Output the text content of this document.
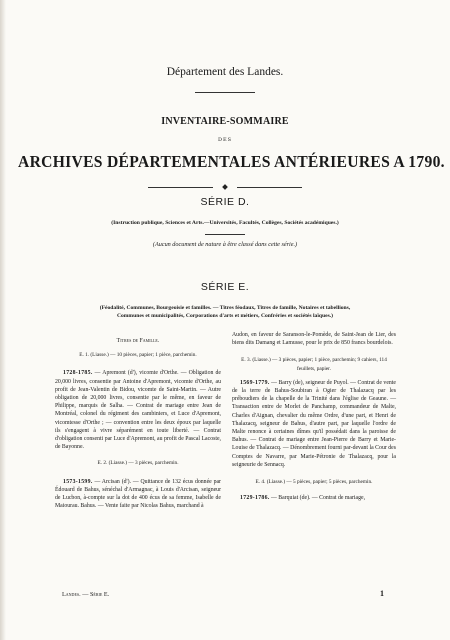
Département des Landes.
INVENTAIRE-SOMMAIRE
DES
ARCHIVES DÉPARTEMENTALES ANTÉRIEURES A 1790.
SÉRIE D.
(Instruction publique, Sciences et Arts.—Universités, Facultés, Collèges, Sociétés académiques.)
(Aucun document de nature à être classé dans cette série.)
SÉRIE E.
(Féodalité, Communes, Bourgeoisie et familles. — Titres féodaux, Titres de famille, Notaires et tabellions,
Communes et municipalités, Corporations d'arts et métiers, Confréries et sociétés laïques.)

Titres de Famille.

E. 1. (Liasse.) — 10 pièces, papier; 1 pièce, parchemin.

1728-1785. — Apremont (d'), vicomte d'Orthe. — Obligation de 20,000 livres, consentie par Antoine d'Apremont, vicomte d'Orthe, au profit de Jean-Valentin de Bidou, vicomte de Saint-Martin. — Autre obligation de 20,000 livres, consentie par le même, en faveur de Philippe, marquis de Salha. — Contrat de mariage entre Jean de Montréal, colonel du régiment des cambiniers, et Luce d'Apremont, vicomtesse d'Orthe ; — convention entre les deux époux par laquelle ils s'engagent à vivre séparément en toute liberté. — Contrat d'obligation consenti par Luce d'Apremont, au profit de Pascal Lacoste, de Bayonne.

E. 2. (Liasse.) — 3 pièces, parchemin.

1573-1599. — Arcisan (d'). — Quittance de 132 écus donnée par Édouard de Bahus, sénéchal d'Armagnac, à Louis d'Arcisan, seigneur de Lucbon, à-compte sur la dot de 400 écus de sa femme, Isabelle de Maiourau. Bahus. — Vente faite par Nicolas Bahus, marchand à

Landes. — Série E.

Audon, en faveur de Saranson-le-Pomède, de Saint-Jean de Lier, des biens dits Damang et Lamusse, pour le prix de 850 francs bourdelois.

E. 3. (Liasse.) — 3 pièces, papier; 1 pièce, parchemin; 9 cahiers, 114 feuillets, papier.

1569-1779. — Barry (de), seigneur de Puyol. — Contrat de vente de la terre de Bahus-Soubiran à Ogier de Thalazacq par les préboudiers de la chapelle de la Trinité dans l'église de Geaune. — Transaction entre de Morlet de Panchamp, commandeur de Malte, Charles d'Aignan, chevalier du même Ordre, d'une part, et Henri de Thalazacq, seigneur de Bahus, d'autre part, par laquelle l'ordre de Malte renonce à certaines dîmes qu'il possédait dans la paroisse de Bahus. — Contrat de mariage entre Jean-Pierre de Barry et Marie-Louise de Thalazacq. — Dénombrement fourni par-devant la Cour des Comptes de Navarre, par Marie-Pétronie de Thalazacq, pour la seigneurie de Sennacq.

E. 4. (Liasse.) — 5 pièces, papier; 5 pièces, parchemin.

1729-1786. — Barquiat (de). — Contrat de mariage,

1
